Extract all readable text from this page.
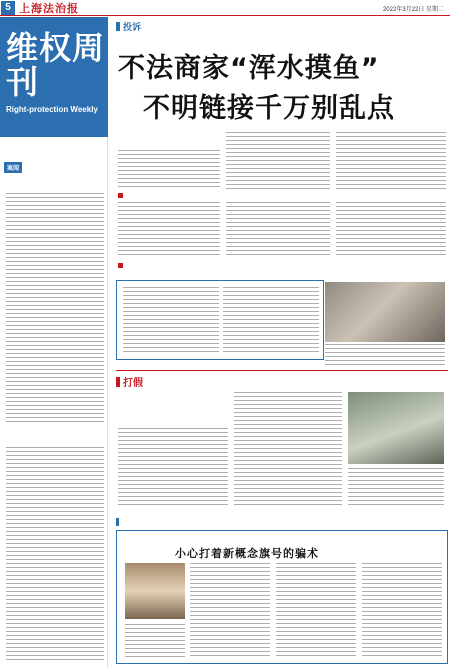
5 上海法治报	2022年3月22日 星期二
维权周刊
Right-protection Weekly
案闻
投诉
不法商家“浑水摸鱼”
不明链接千万别乱点
打假
小心打着新概念旗号的骗术
